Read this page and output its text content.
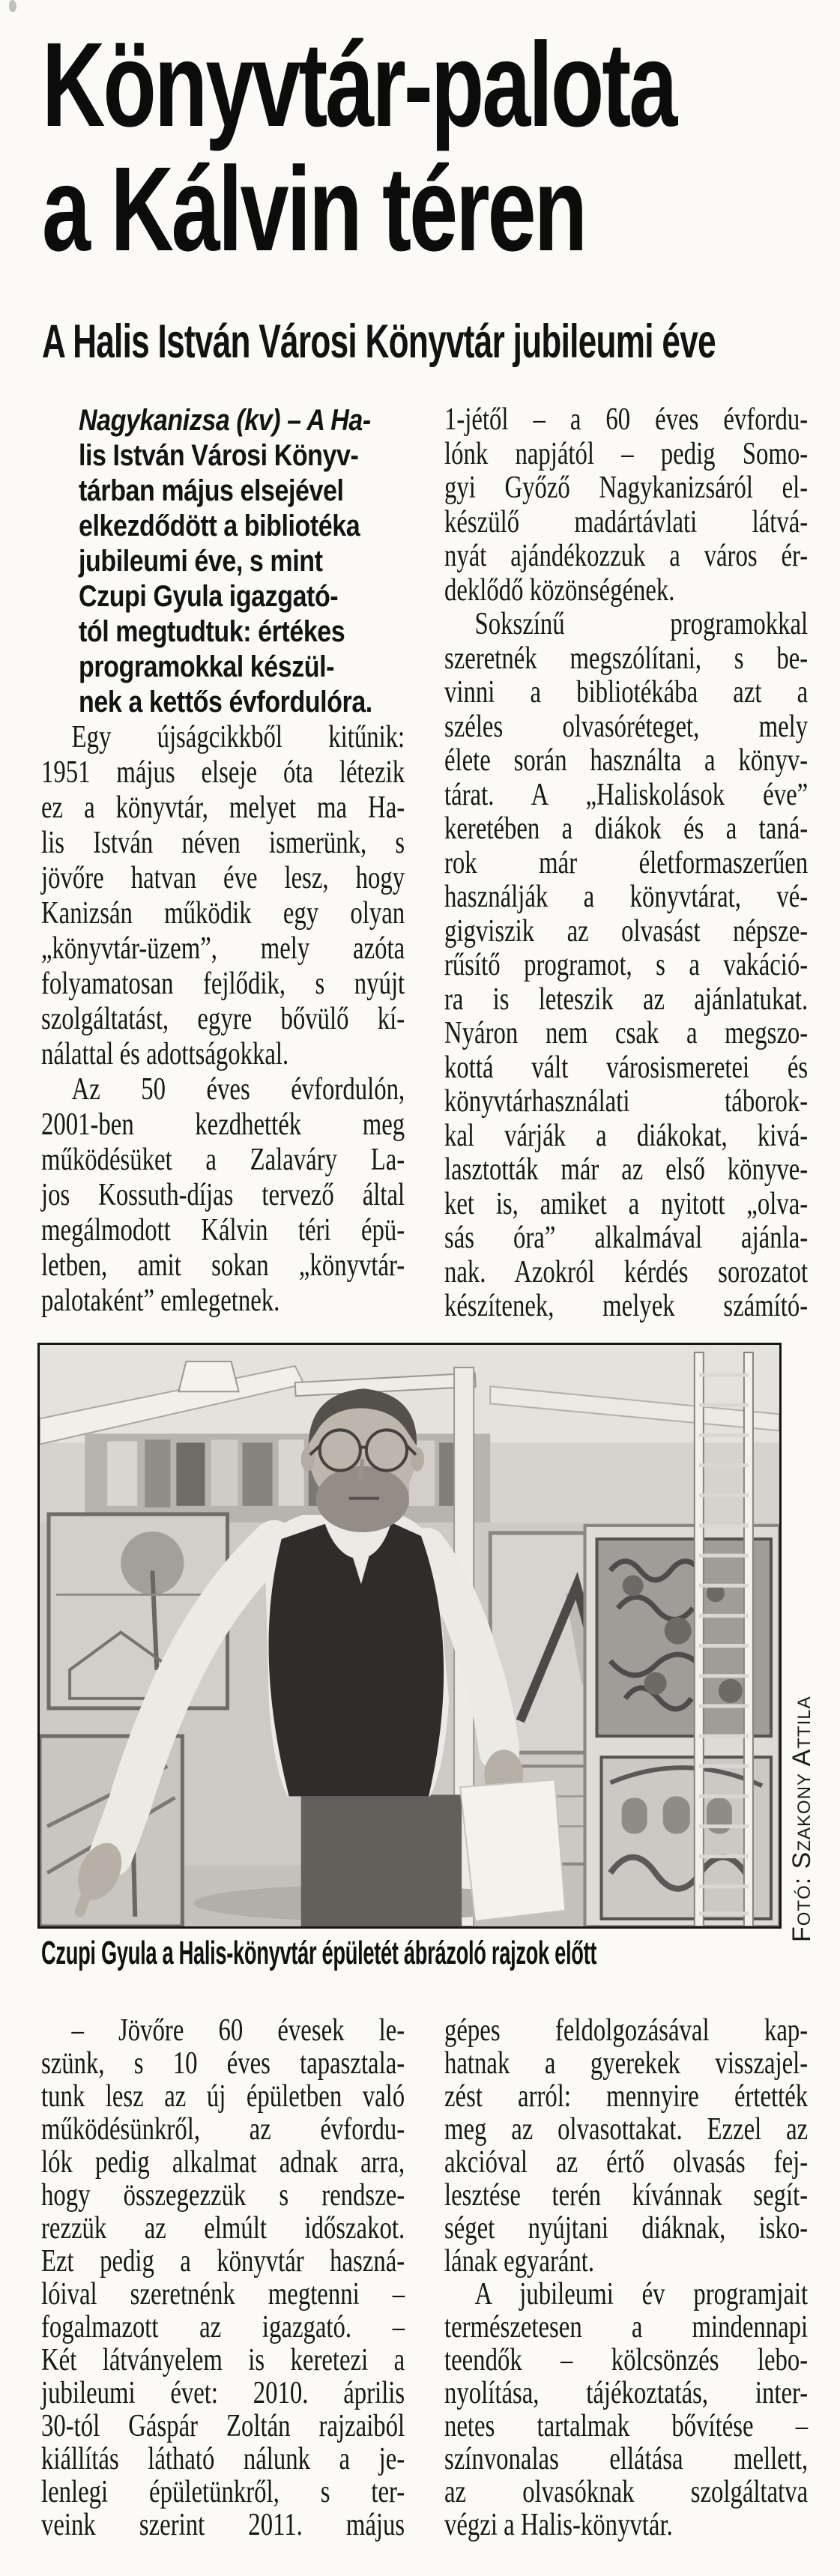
Könyvtár-palota
a Kálvin téren
A Halis István Városi Könyvtár jubileumi éve
Nagykanizsa (kv) – A Ha-
lis István Városi Könyv-
tárban május elsejével
elkezdődött a bibliotéka
jubileumi éve, s mint
Czupi Gyula igazgató-
tól megtudtuk: értékes
programokkal készül-
nek a kettős évfordulóra.
Egy újságcikkből kitűnik:
1951 május elseje óta létezik
ez a könyvtár, melyet ma Ha-
lis István néven ismerünk, s
jövőre hatvan éve lesz, hogy
Kanizsán működik egy olyan
„könyvtár-üzem”, mely azóta
folyamatosan fejlődik, s nyújt
szolgáltatást, egyre bővülő kí-
nálattal és adottságokkal.
Az 50 éves évfordulón,
2001-ben kezdhették meg
működésüket a Zalaváry La-
jos Kossuth-díjas tervező által
megálmodott Kálvin téri épü-
letben, amit sokan „könyvtár-
palotaként” emlegetnek.
1-jétől – a 60 éves évfordu-
lónk napjától – pedig Somo-
gyi Győző Nagykanizsáról el-
készülő madártávlati látvá-
nyát ajándékozzuk a város ér-
deklődő közönségének.
Sokszínű programokkal
szeretnék megszólítani, s be-
vinni a bibliotékába azt a
széles olvasóréteget, mely
élete során használta a könyv-
tárat. A „Haliskolások éve”
keretében a diákok és a taná-
rok már életformaszerűen
használják a könyvtárat, vé-
gigviszik az olvasást népsze-
rűsítő programot, s a vakáció-
ra is leteszik az ajánlatukat.
Nyáron nem csak a megszo-
kottá vált városismeretei és
könyvtárhasználati táborok-
kal várják a diákokat, kivá-
lasztották már az első könyve-
ket is, amiket a nyitott „olva-
sás óra” alkalmával ajánla-
nak. Azokról kérdés sorozatot
készítenek, melyek számító-
Fotó: Szakony Attila
Czupi Gyula a Halis-könyvtár épületét ábrázoló rajzok előtt
– Jövőre 60 évesek le-
szünk, s 10 éves tapasztala-
tunk lesz az új épületben való
működésünkről, az évfordu-
lók pedig alkalmat adnak arra,
hogy összegezzük s rendsze-
rezzük az elmúlt időszakot.
Ezt pedig a könyvtár haszná-
lóival szeretnénk megtenni –
fogalmazott az igazgató. –
Két látványelem is keretezi a
jubileumi évet: 2010. április
30-tól Gáspár Zoltán rajzaiból
kiállítás látható nálunk a je-
lenlegi épületünkről, s ter-
veink szerint 2011. május
gépes feldolgozásával kap-
hatnak a gyerekek visszajel-
zést arról: mennyire értették
meg az olvasottakat. Ezzel az
akcióval az értő olvasás fej-
lesztése terén kívánnak segít-
séget nyújtani diáknak, isko-
lának egyaránt.
A jubileumi év programjait
természetesen a mindennapi
teendők – kölcsönzés lebo-
nyolítása, tájékoztatás, inter-
netes tartalmak bővítése –
színvonalas ellátása mellett,
az olvasóknak szolgáltatva
végzi a Halis-könyvtár.
